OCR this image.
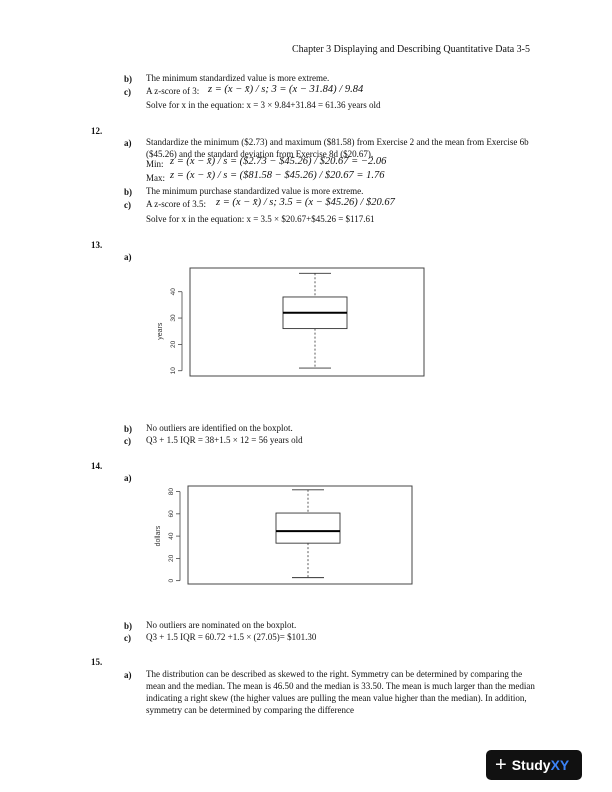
Chapter 3 Displaying and Describing Quantitative Data 3-5
b) The minimum standardized value is more extreme.
c) A z-score of 3: z = (x − x̄) / s; 3 = (x − 31.84) / 9.84
Solve for x in the equation: x = 3 × 9.84+31.84 = 61.36 years old
12.
a) Standardize the minimum ($2.73) and maximum ($81.58) from Exercise 2 and the mean from Exercise 6b ($45.26) and the standard deviation from Exercise 8d ($20.67).
Min: z = (x − x̄) / s = ($2.73 − $45.26) / $20.67 = −2.06
Max: z = (x − x̄) / s = ($81.58 − $45.26) / $20.67 = 1.76
b) The minimum purchase standardized value is more extreme.
c) A z-score of 3.5: z = (x − x̄) / s; 3.5 = (x − $45.26) / $20.67
Solve for x in the equation: x = 3.5 × $20.67+$45.26 = $117.61
13.
a)
10
20
30
40
years
b) No outliers are identified on the boxplot.
c) Q3 + 1.5 IQR = 38+1.5 × 12 = 56 years old
14.
a)
0
20
40
60
80
dollars
b) No outliers are nominated on the boxplot.
c) Q3 + 1.5 IQR = 60.72 +1.5 × (27.05)= $101.30
15.
a) The distribution can be described as skewed to the right. Symmetry can be determined by comparing the mean and the median. The mean is 46.50 and the median is 33.50. The mean is much larger than the median indicating a right skew (the higher values are pulling the mean value higher than the median). In addition, symmetry can be determined by comparing the difference
+ Study XY
